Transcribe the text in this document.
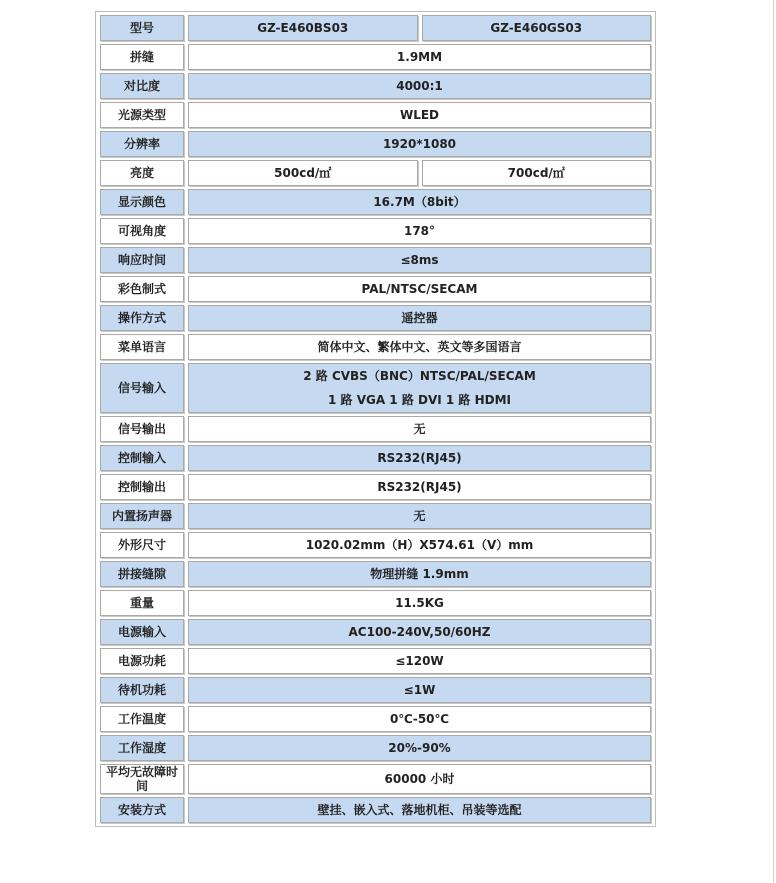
型号	GZ-E460BS03	GZ-E460GS03
拼缝	1.9MM	
对比度	4000:1	
光源类型	WLED	
分辨率	1920*1080	
亮度	500cd/㎡	700cd/㎡
显示颜色	16.7M（8bit）	
可视角度	178°	
响应时间	≤8ms	
彩色制式	PAL/NTSC/SECAM	
操作方式	遥控器	
菜单语言	简体中文、繁体中文、英文等多国语言	
信号输入	2 路 CVBS（BNC）NTSC/PAL/SECAM
1 路 VGA 1 路 DVI 1 路 HDMI	

信号输出	无	
控制输入	RS232(RJ45)	
控制输出	RS232(RJ45)	
内置扬声器	无	
外形尺寸	1020.02mm（H）X574.61（V）mm	
拼接缝隙	物理拼缝 1.9mm	
重量	11.5KG	
电源输入	AC100-240V,50/60HZ	
电源功耗	≤120W	
待机功耗	≤1W	
工作温度	0℃-50℃	
工作湿度	20%-90%	
平均无故障时间	60000 小时	
安装方式	壁挂、嵌入式、落地机柜、吊装等选配	
